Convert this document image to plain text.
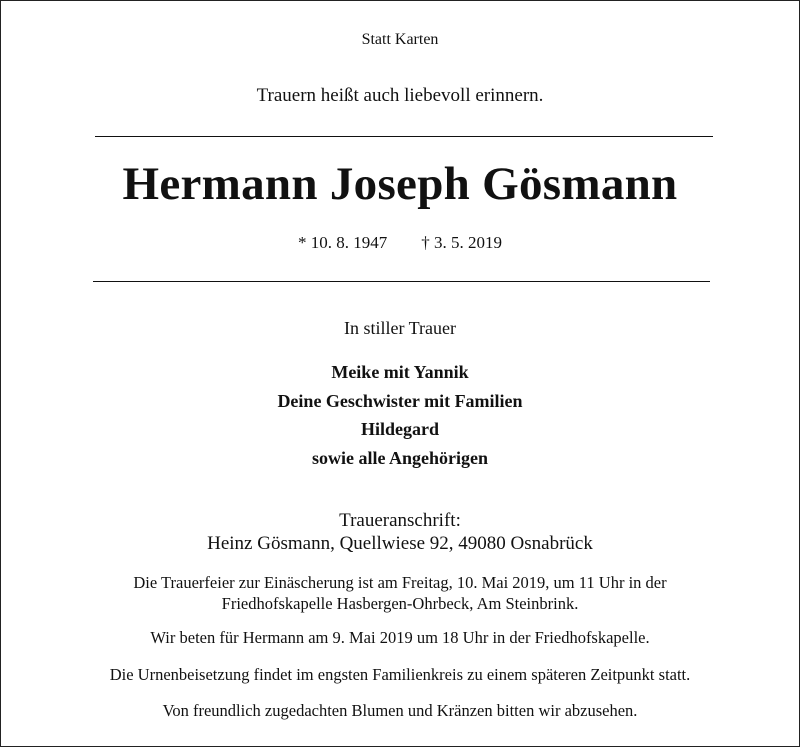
Statt Karten
Trauern heißt auch liebevoll erinnern.
Hermann Joseph Gösmann
* 10. 8. 1947 † 3. 5. 2019
In stiller Trauer
Meike mit Yannik
Deine Geschwister mit Familien
Hildegard
sowie alle Angehörigen
Traueranschrift:
Heinz Gösmann, Quellwiese 92, 49080 Osnabrück
Die Trauerfeier zur Einäscherung ist am Freitag, 10. Mai 2019, um 11 Uhr in der
Friedhofskapelle Hasbergen-Ohrbeck, Am Steinbrink.
Wir beten für Hermann am 9. Mai 2019 um 18 Uhr in der Friedhofskapelle.
Die Urnenbeisetzung findet im engsten Familienkreis zu einem späteren Zeitpunkt statt.
Von freundlich zugedachten Blumen und Kränzen bitten wir abzusehen.
